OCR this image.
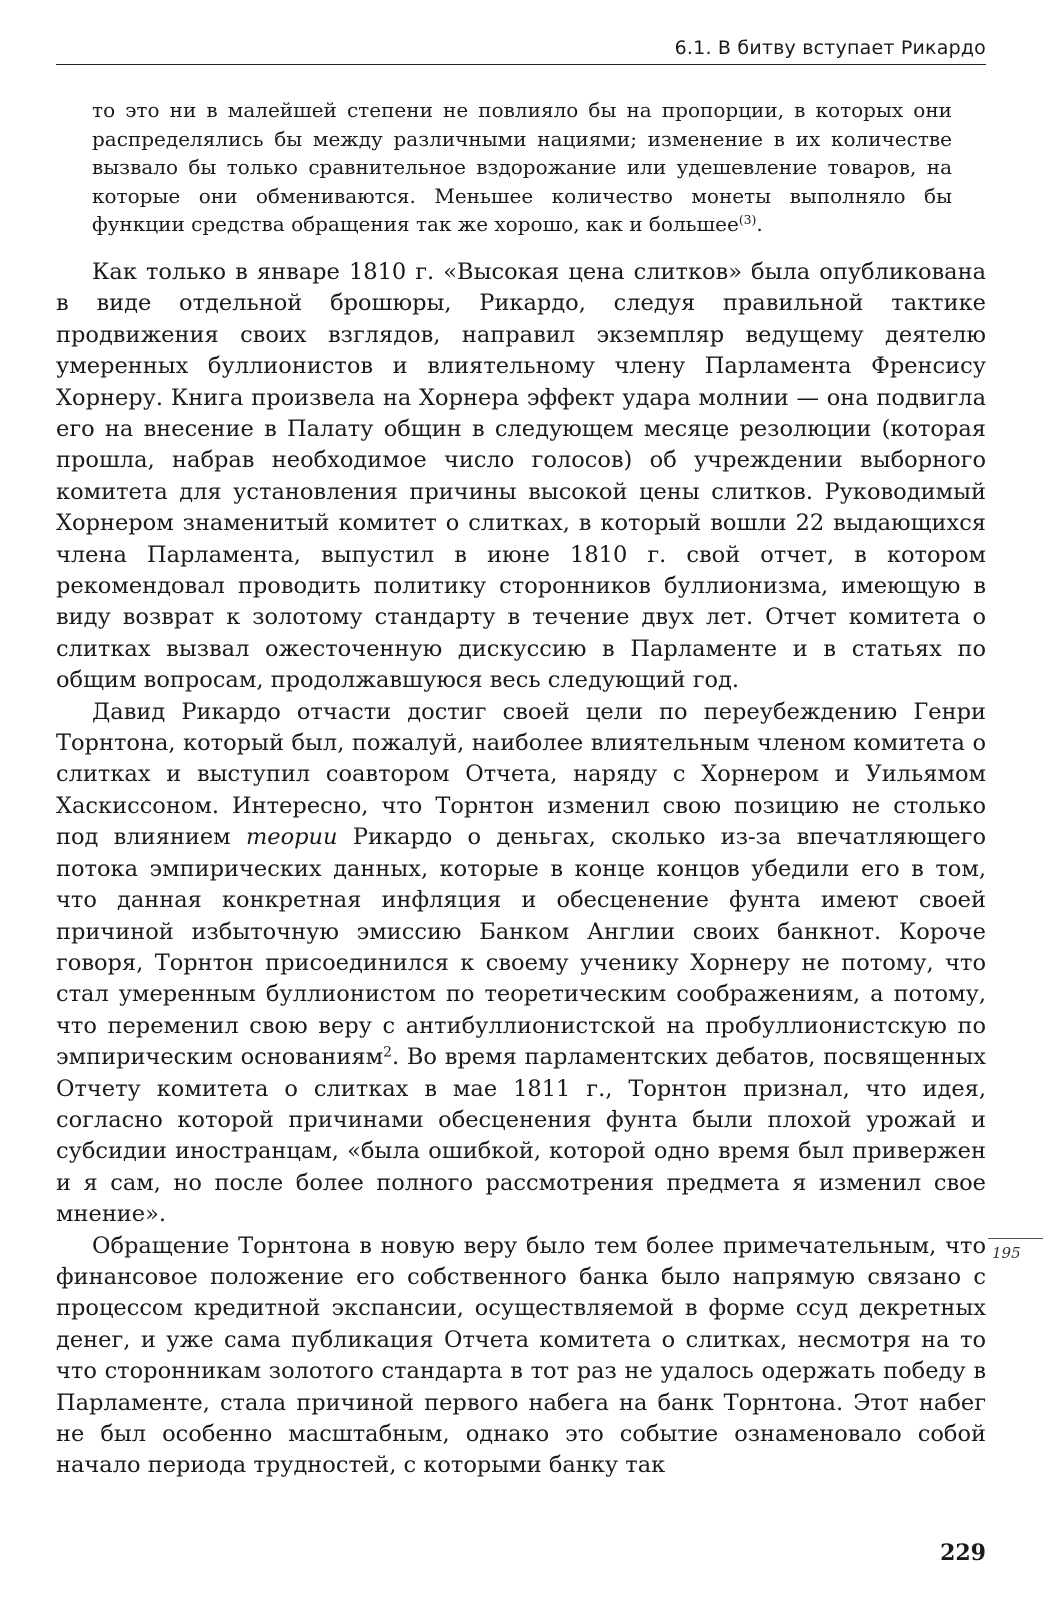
6.1. В битву вступает Рикардо

то это ни в малейшей степени не повлияло бы на пропорции, в которых они распределялись бы между различными нациями; изменение в их количестве вызвало бы только сравнительное вздорожание или удешевление товаров, на которые они обмениваются. Меньшее количество монеты выполняло бы функции средства обращения так же хорошо, как и большее$^{(3)}$.

Как только в январе 1810 г. «Высокая цена слитков» была опубликована в виде отдельной брошюры, Рикардо, следуя правильной тактике продвижения своих взглядов, направил экземпляр ведущему деятелю умеренных буллионистов и влиятельному члену Парламента Френсису Хорнеру. Книга произвела на Хорнера эффект удара молнии — она подвигла его на внесение в Палату общин в следующем месяце резолюции (которая прошла, набрав необходимое число голосов) об учреждении выборного комитета для установления причины высокой цены слитков. Руководимый Хорнером знаменитый комитет о слитках, в который вошли 22 выдающихся члена Парламента, выпустил в июне 1810 г. свой отчет, в котором рекомендовал проводить политику сторонников буллионизма, имеющую в виду возврат к золотому стандарту в течение двух лет. Отчет комитета о слитках вызвал ожесточенную дискуссию в Парламенте и в статьях по общим вопросам, продолжавшуюся весь следующий год.

Давид Рикардо отчасти достиг своей цели по переубеждению Генри Торнтона, который был, пожалуй, наиболее влиятельным членом комитета о слитках и выступил соавтором Отчета, наряду с Хорнером и Уильямом Хаскиссоном. Интересно, что Торнтон изменил свою позицию не столько под влиянием теории Рикардо о деньгах, сколько из-за впечатляющего потока эмпирических данных, которые в конце концов убедили его в том, что данная конкретная инфляция и обесценение фунта имеют своей причиной избыточную эмиссию Банком Англии своих банкнот. Короче говоря, Торнтон присоединился к своему ученику Хорнеру не потому, что стал умеренным буллионистом по теоретическим соображениям, а потому, что переменил свою веру с антибуллионистской на пробуллионистскую по эмпирическим основаниям$^2$. Во время парламентских дебатов, посвященных Отчету комитета о слитках в мае 1811 г., Торнтон признал, что идея, согласно которой причинами обесценения фунта были плохой урожай и субсидии иностранцам, «была ошибкой, которой одно время был привержен и я сам, но после более полного рассмотрения предмета я изменил свое мнение».

Обращение Торнтона в новую веру было тем более примечательным, что финансовое положение его собственного банка было напрямую связано с процессом кредитной экспансии, осуществляемой в форме ссуд декретных денег, и уже сама публикация Отчета комитета о слитках, несмотря на то что сторонникам золотого стандарта в тот раз не удалось одержать победу в Парламенте, стала причиной первого набега на банк Торнтона. Этот набег не был особенно масштабным, однако это событие ознаменовало собой начало периода трудностей, с которыми банку так

195
229
